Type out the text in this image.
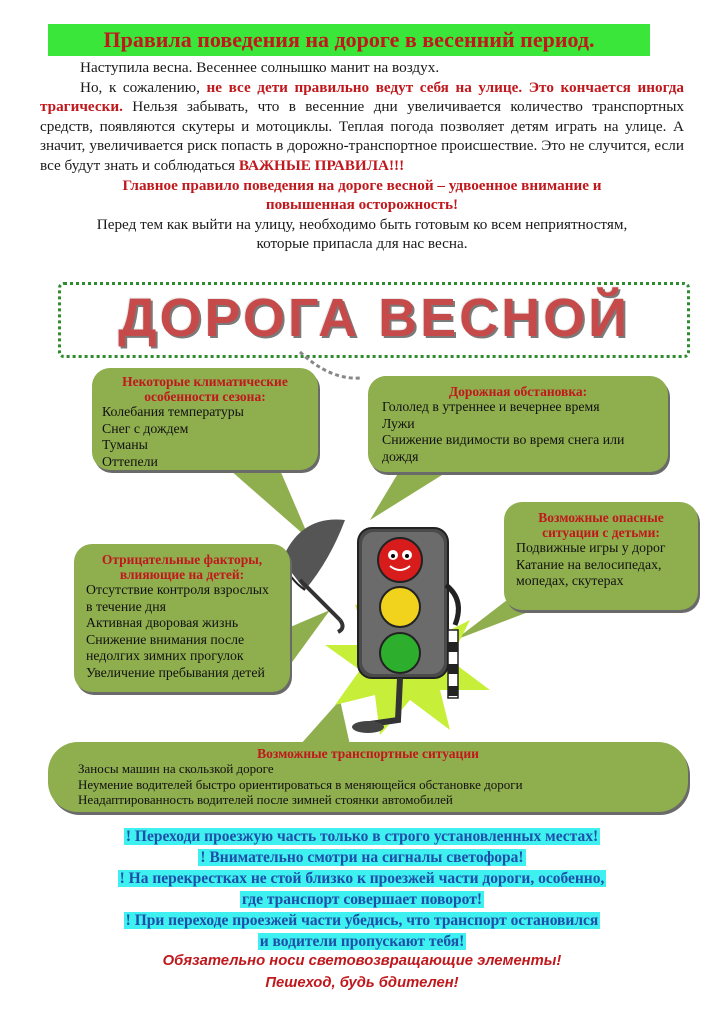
Правила поведения на дороге в весенний период.

Наступила весна. Весеннее солнышко манит на воздух.

Но, к сожалению, не все дети правильно ведут себя на улице. Это кончается иногда трагически. Нельзя забывать, что в весенние дни увеличивается количество транспортных средств, появляются скутеры и мотоциклы. Теплая погода позволяет детям играть на улице. А значит, увеличивается риск попасть в дорожно-транспортное происшествие. Это не случится, если все будут знать и соблюдаться ВАЖНЫЕ ПРАВИЛА!!!

Главное правило поведения на дороге весной – удвоенное внимание и повышенная осторожность!

Перед тем как выйти на улицу, необходимо быть готовым ко всем неприятностям, которые припасла для нас весна.

ДОРОГА ВЕСНОЙ
Некоторые климатические особенности сезона:
Колебания температуры
Снег с дождем
Туманы
Оттепели
Дорожная обстановка:
Гололед в утреннее и вечернее время
Лужи
Снижение видимости во время снега или дождя
Возможные опасные ситуации с детьми:
Подвижные игры у дорог
Катание на велосипедах, мопедах, скутерах
Отрицательные факторы, влияющие на детей:
Отсутствие контроля взрослых в течение дня
Активная дворовая жизнь
Снижение внимания после недолгих зимних прогулок
Увеличение пребывания детей
Возможные транспортные ситуации
Заносы машин на скользкой дороге
Неумение водителей быстро ориентироваться в меняющейся обстановке дороги
Неадаптированность водителей после зимней стоянки автомобилей
! Переходи проезжую часть только в строго установленных местах!
! Внимательно смотри на сигналы светофора!
! На перекрестках не стой близко к проезжей части дороги, особенно,
где транспорт совершает поворот!
! При переходе проезжей части убедись, что транспорт остановился
и водители пропускают тебя!
Обязательно носи световозвращающие элементы!
Пешеход, будь бдителен!
